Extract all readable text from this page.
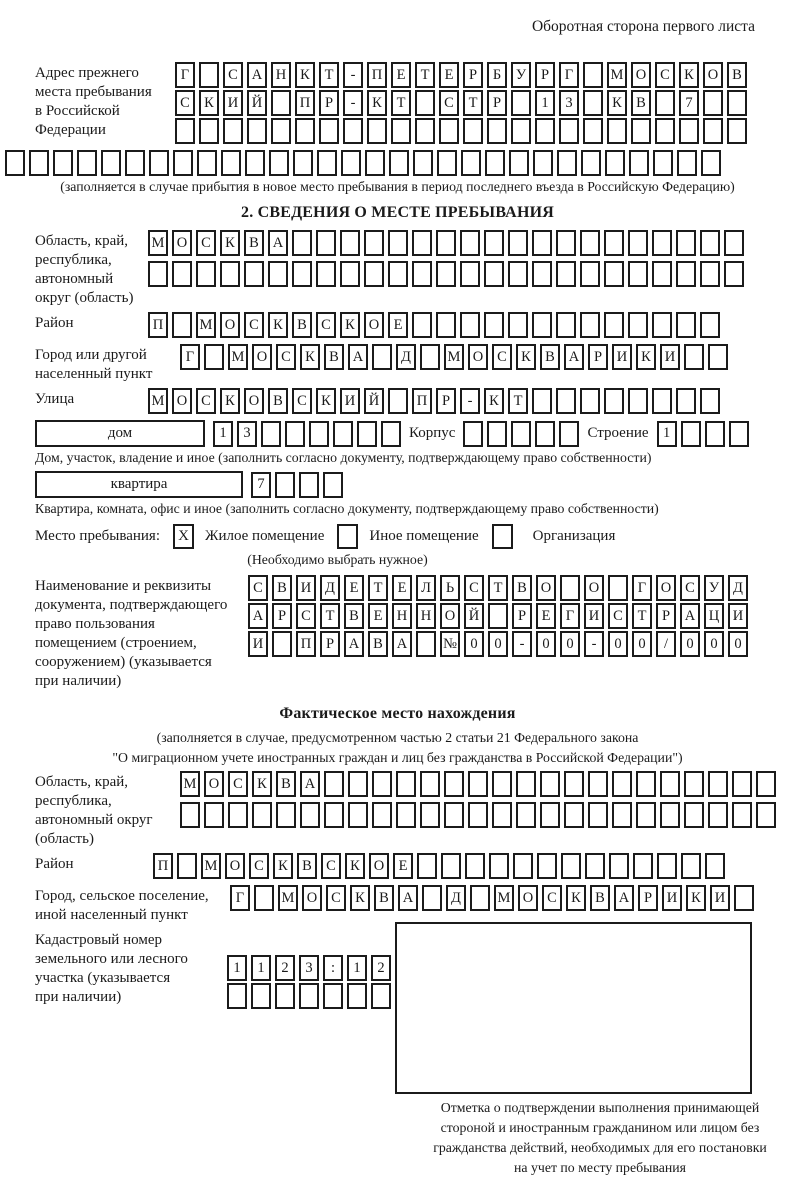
Оборотная сторона первого листа
Адрес прежнего
места пребывания
в Российской
Федерации
Г	С А Н К	Т	-	П Е	Т	Е	Р	Б	У	Р	Г	М О С К О В
С К И Й	П	Р	-	К	Т	С	Т	Р	1	3	К В	7
(заполняется в случае прибытия в новое место пребывания в период последнего въезда в Российскую Федерацию)
2. СВЕДЕНИЯ О МЕСТЕ ПРЕБЫВАНИЯ
Область, край,
республика,
автономный
округ (область)
М О С К В А
Район	П	М О С К В С К О Е
Город или другой
населенный пункт
Г	М О С К В А	Д	М О С К В А	Р	И К И
Улица	М О С К О В С К И Й	П	Р	-	К	Т
дом	1	3	Корпус	Строение 1
Дом, участок, владение и иное (заполнить согласно документу, подтверждающему право собственности)
квартира	7
Квартира, комната, офис и иное (заполнить согласно документу, подтверждающему право собственности)
Место пребывания:	X	Жилое помещение	Иное помещение	Организация
(Необходимо выбрать нужное)
Наименование и реквизиты
документа, подтверждающего
право пользования
помещением (строением,
сооружением) (указывается
при наличии)
С В И Д	Е	Т	Е	Л	Ь	С	Т	В О	О	Г	О С У Д
А	Р	С	Т	В	Е Н Н О Й	Р	Е	Г	И С	Т	Р	А Ц И
И	П	Р	А В А	№ 0	0	-	0	0	-	0	0	/	0	0	0
Фактическое место нахождения
(заполняется в случае, предусмотренном частью 2 статьи 21 Федерального закона
"О миграционном учете иностранных граждан и лиц без гражданства в Российской Федерации")
Область, край,
республика,
автономный округ
(область)
М О С К В А
Район	П	М О С К В С К О Е
Город, сельское поселение,
иной населенный пункт
Г	М О С К В А	Д	М О С К В А	Р	И К И
Кадастровый номер
земельного или лесного
участка (указывается
при наличии)
1	1	2	3	:	1	2
Отметка о подтверждении выполнения принимающей
стороной и иностранным гражданином или лицом без
гражданства действий, необходимых для его постановки
на учет по месту пребывания
